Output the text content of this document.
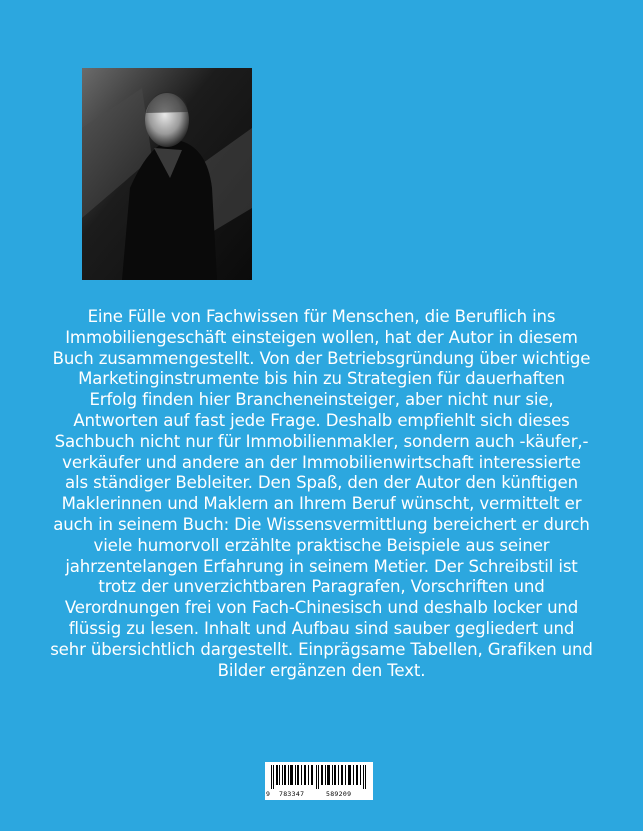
Eine Fülle von Fachwissen für Menschen, die Beruflich ins
Immobiliengeschäft einsteigen wollen, hat der Autor in diesem
Buch zusammengestellt. Von der Betriebsgründung über wichtige
Marketinginstrumente bis hin zu Strategien für dauerhaften
Erfolg finden hier Brancheneinsteiger, aber nicht nur sie,
Antworten auf fast jede Frage. Deshalb empfiehlt sich dieses
Sachbuch nicht nur für Immobilienmakler, sondern auch -käufer,-
verkäufer und andere an der Immobilienwirtschaft interessierte
als ständiger Bebleiter. Den Spaß, den der Autor den künftigen
Maklerinnen und Maklern an Ihrem Beruf wünscht, vermittelt er
auch in seinem Buch: Die Wissensvermittlung bereichert er durch
viele humorvoll erzählte praktische Beispiele aus seiner
jahrzentelangen Erfahrung in seinem Metier. Der Schreibstil ist
trotz der unverzichtbaren Paragrafen, Vorschriften und
Verordnungen frei von Fach-Chinesisch und deshalb locker und
flüssig zu lesen. Inhalt und Aufbau sind sauber gegliedert und
sehr übersichtlich dargestellt. Einprägsame Tabellen, Grafiken und
Bilder ergänzen den Text.
9 783347	589209
